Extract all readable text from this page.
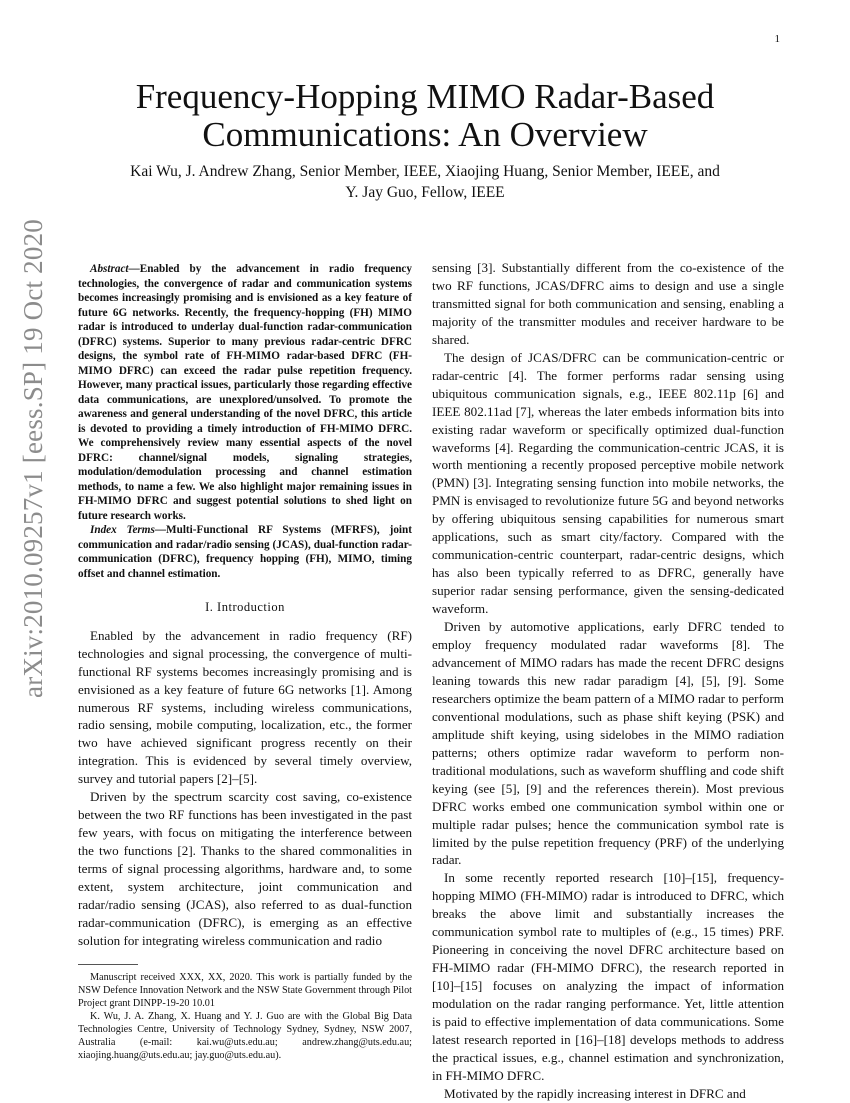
1
arXiv:2010.09257v1 [eess.SP] 19 Oct 2020
Frequency-Hopping MIMO Radar-Based Communications: An Overview
Kai Wu, J. Andrew Zhang, Senior Member, IEEE, Xiaojing Huang, Senior Member, IEEE, and
Y. Jay Guo, Fellow, IEEE

Abstract—Enabled by the advancement in radio frequency technologies, the convergence of radar and communication systems becomes increasingly promising and is envisioned as a key feature of future 6G networks. Recently, the frequency-hopping (FH) MIMO radar is introduced to underlay dual-function radar-communication (DFRC) systems. Superior to many previous radar-centric DFRC designs, the symbol rate of FH-MIMO radar-based DFRC (FH-MIMO DFRC) can exceed the radar pulse repetition frequency. However, many practical issues, particularly those regarding effective data communications, are unexplored/unsolved. To promote the awareness and general understanding of the novel DFRC, this article is devoted to providing a timely introduction of FH-MIMO DFRC. We comprehensively review many essential aspects of the novel DFRC: channel/signal models, signaling strategies, modulation/demodulation processing and channel estimation methods, to name a few. We also highlight major remaining issues in FH-MIMO DFRC and suggest potential solutions to shed light on future research works.

Index Terms—Multi-Functional RF Systems (MFRFS), joint communication and radar/radio sensing (JCAS), dual-function radar-communication (DFRC), frequency hopping (FH), MIMO, timing offset and channel estimation.

I. Introduction

Enabled by the advancement in radio frequency (RF) technologies and signal processing, the convergence of multi-functional RF systems becomes increasingly promising and is envisioned as a key feature of future 6G networks [1]. Among numerous RF systems, including wireless communications, radio sensing, mobile computing, localization, etc., the former two have achieved significant progress recently on their integration. This is evidenced by several timely overview, survey and tutorial papers [2]–[5].

Driven by the spectrum scarcity cost saving, co-existence between the two RF functions has been investigated in the past few years, with focus on mitigating the interference between the two functions [2]. Thanks to the shared commonalities in terms of signal processing algorithms, hardware and, to some extent, system architecture, joint communication and radar/radio sensing (JCAS), also referred to as dual-function radar-communication (DFRC), is emerging as an effective solution for integrating wireless communication and radio

Manuscript received XXX, XX, 2020. This work is partially funded by the NSW Defence Innovation Network and the NSW State Government through Pilot Project grant DINPP-19-20 10.01

K. Wu, J. A. Zhang, X. Huang and Y. J. Guo are with the Global Big Data Technologies Centre, University of Technology Sydney, Sydney, NSW 2007, Australia (e-mail: kai.wu@uts.edu.au; andrew.zhang@uts.edu.au; xiaojing.huang@uts.edu.au; jay.guo@uts.edu.au).

sensing [3]. Substantially different from the co-existence of the two RF functions, JCAS/DFRC aims to design and use a single transmitted signal for both communication and sensing, enabling a majority of the transmitter modules and receiver hardware to be shared.

The design of JCAS/DFRC can be communication-centric or radar-centric [4]. The former performs radar sensing using ubiquitous communication signals, e.g., IEEE 802.11p [6] and IEEE 802.11ad [7], whereas the later embeds information bits into existing radar waveform or specifically optimized dual-function waveforms [4]. Regarding the communication-centric JCAS, it is worth mentioning a recently proposed perceptive mobile network (PMN) [3]. Integrating sensing function into mobile networks, the PMN is envisaged to revolutionize future 5G and beyond networks by offering ubiquitous sensing capabilities for numerous smart applications, such as smart city/factory. Compared with the communication-centric counterpart, radar-centric designs, which has also been typically referred to as DFRC, generally have superior radar sensing performance, given the sensing-dedicated waveform.

Driven by automotive applications, early DFRC tended to employ frequency modulated radar waveforms [8]. The advancement of MIMO radars has made the recent DFRC designs leaning towards this new radar paradigm [4], [5], [9]. Some researchers optimize the beam pattern of a MIMO radar to perform conventional modulations, such as phase shift keying (PSK) and amplitude shift keying, using sidelobes in the MIMO radiation patterns; others optimize radar waveform to perform non-traditional modulations, such as waveform shuffling and code shift keying (see [5], [9] and the references therein). Most previous DFRC works embed one communication symbol within one or multiple radar pulses; hence the communication symbol rate is limited by the pulse repetition frequency (PRF) of the underlying radar.

In some recently reported research [10]–[15], frequency-hopping MIMO (FH-MIMO) radar is introduced to DFRC, which breaks the above limit and substantially increases the communication symbol rate to multiples of (e.g., 15 times) PRF. Pioneering in conceiving the novel DFRC architecture based on FH-MIMO radar (FH-MIMO DFRC), the research reported in [10]–[15] focuses on analyzing the impact of information modulation on the radar ranging performance. Yet, little attention is paid to effective implementation of data communications. Some latest research reported in [16]–[18] develops methods to address the practical issues, e.g., channel estimation and synchronization, in FH-MIMO DFRC.

Motivated by the rapidly increasing interest in DFRC and
